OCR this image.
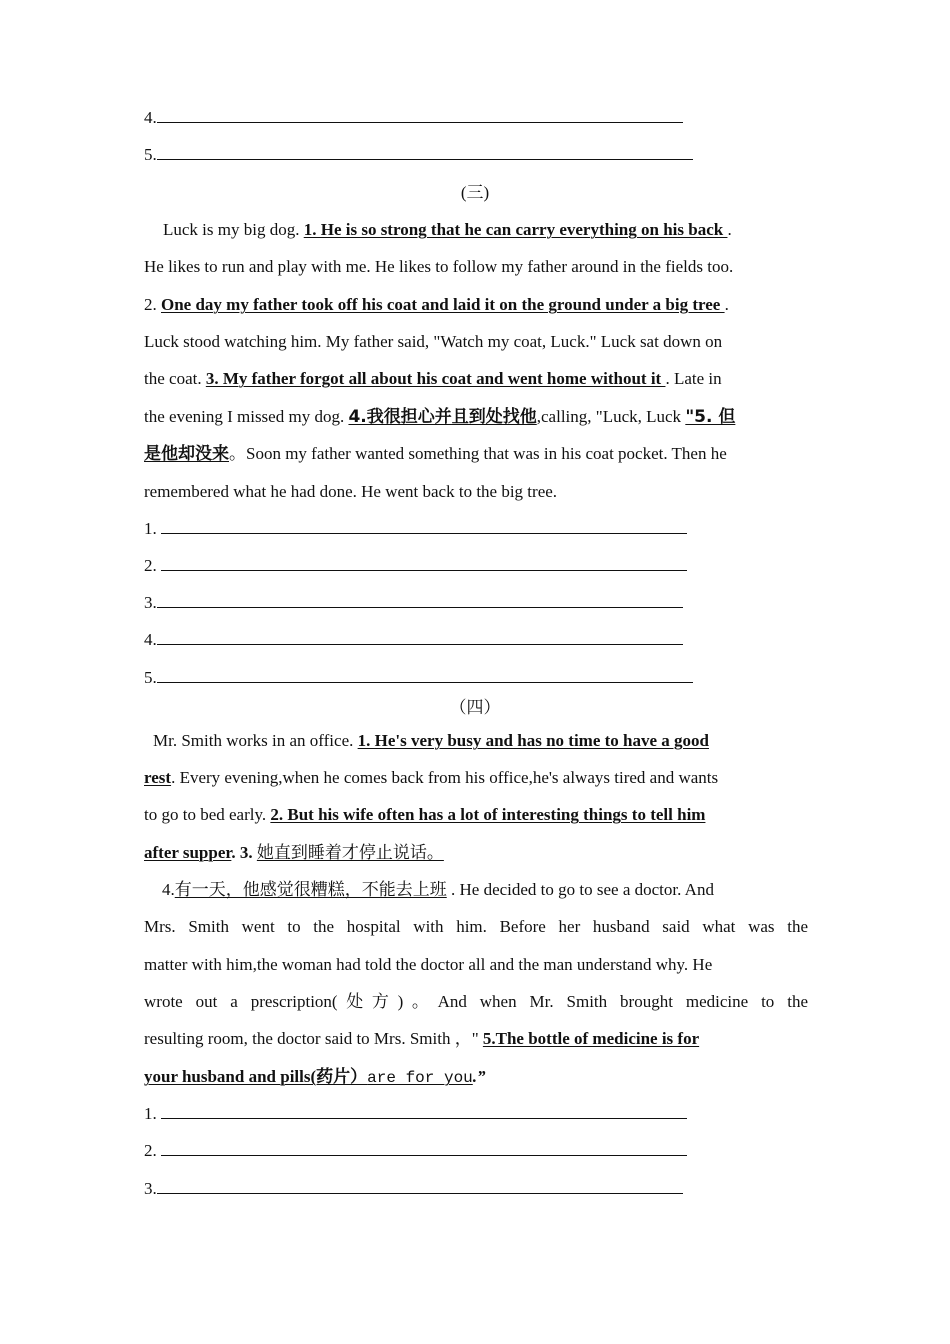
4.
5.
(三)
Luck is my big dog. 1. He is so strong that he can carry everything on his back .
He likes to run and play with me. He likes to follow my father around in the fields too.
2. One day my father took off his coat and laid it on the ground under a big tree .
Luck stood watching him. My father said, "Watch my coat, Luck." Luck sat down on
the coat. 3. My father forgot all about his coat and went home without it . Late in
the evening I missed my dog. 4.我很担心并且到处找他,calling, "Luck, Luck "5. 但
是他却没来。Soon my father wanted something that was in his coat pocket. Then he
remembered what he had done. He went back to the big tree.
1.
2.
3.
4.
5.
（四）
Mr. Smith works in an office. 1. He's very busy and has no time to have a good
rest. Every evening,when he comes back from his office,he's always tired and wants
to go to bed early. 2. But his wife often has a lot of interesting things to tell him
after supper. 3. 她直到睡着才停止说话。
4.有一天，他感觉很糟糕，不能去上班 . He decided to go to see a doctor. And
Mrs. Smith went to the hospital with him. Before her husband said what was the
matter with him,the woman had told the doctor all and the man understand why. He
wrote out a prescription(处方)。And when Mr. Smith brought medicine to the
resulting room, the doctor said to Mrs. Smith ，" 5.The bottle of medicine is for
your husband and pills(药片）are for you.”
1.
2.
3.
